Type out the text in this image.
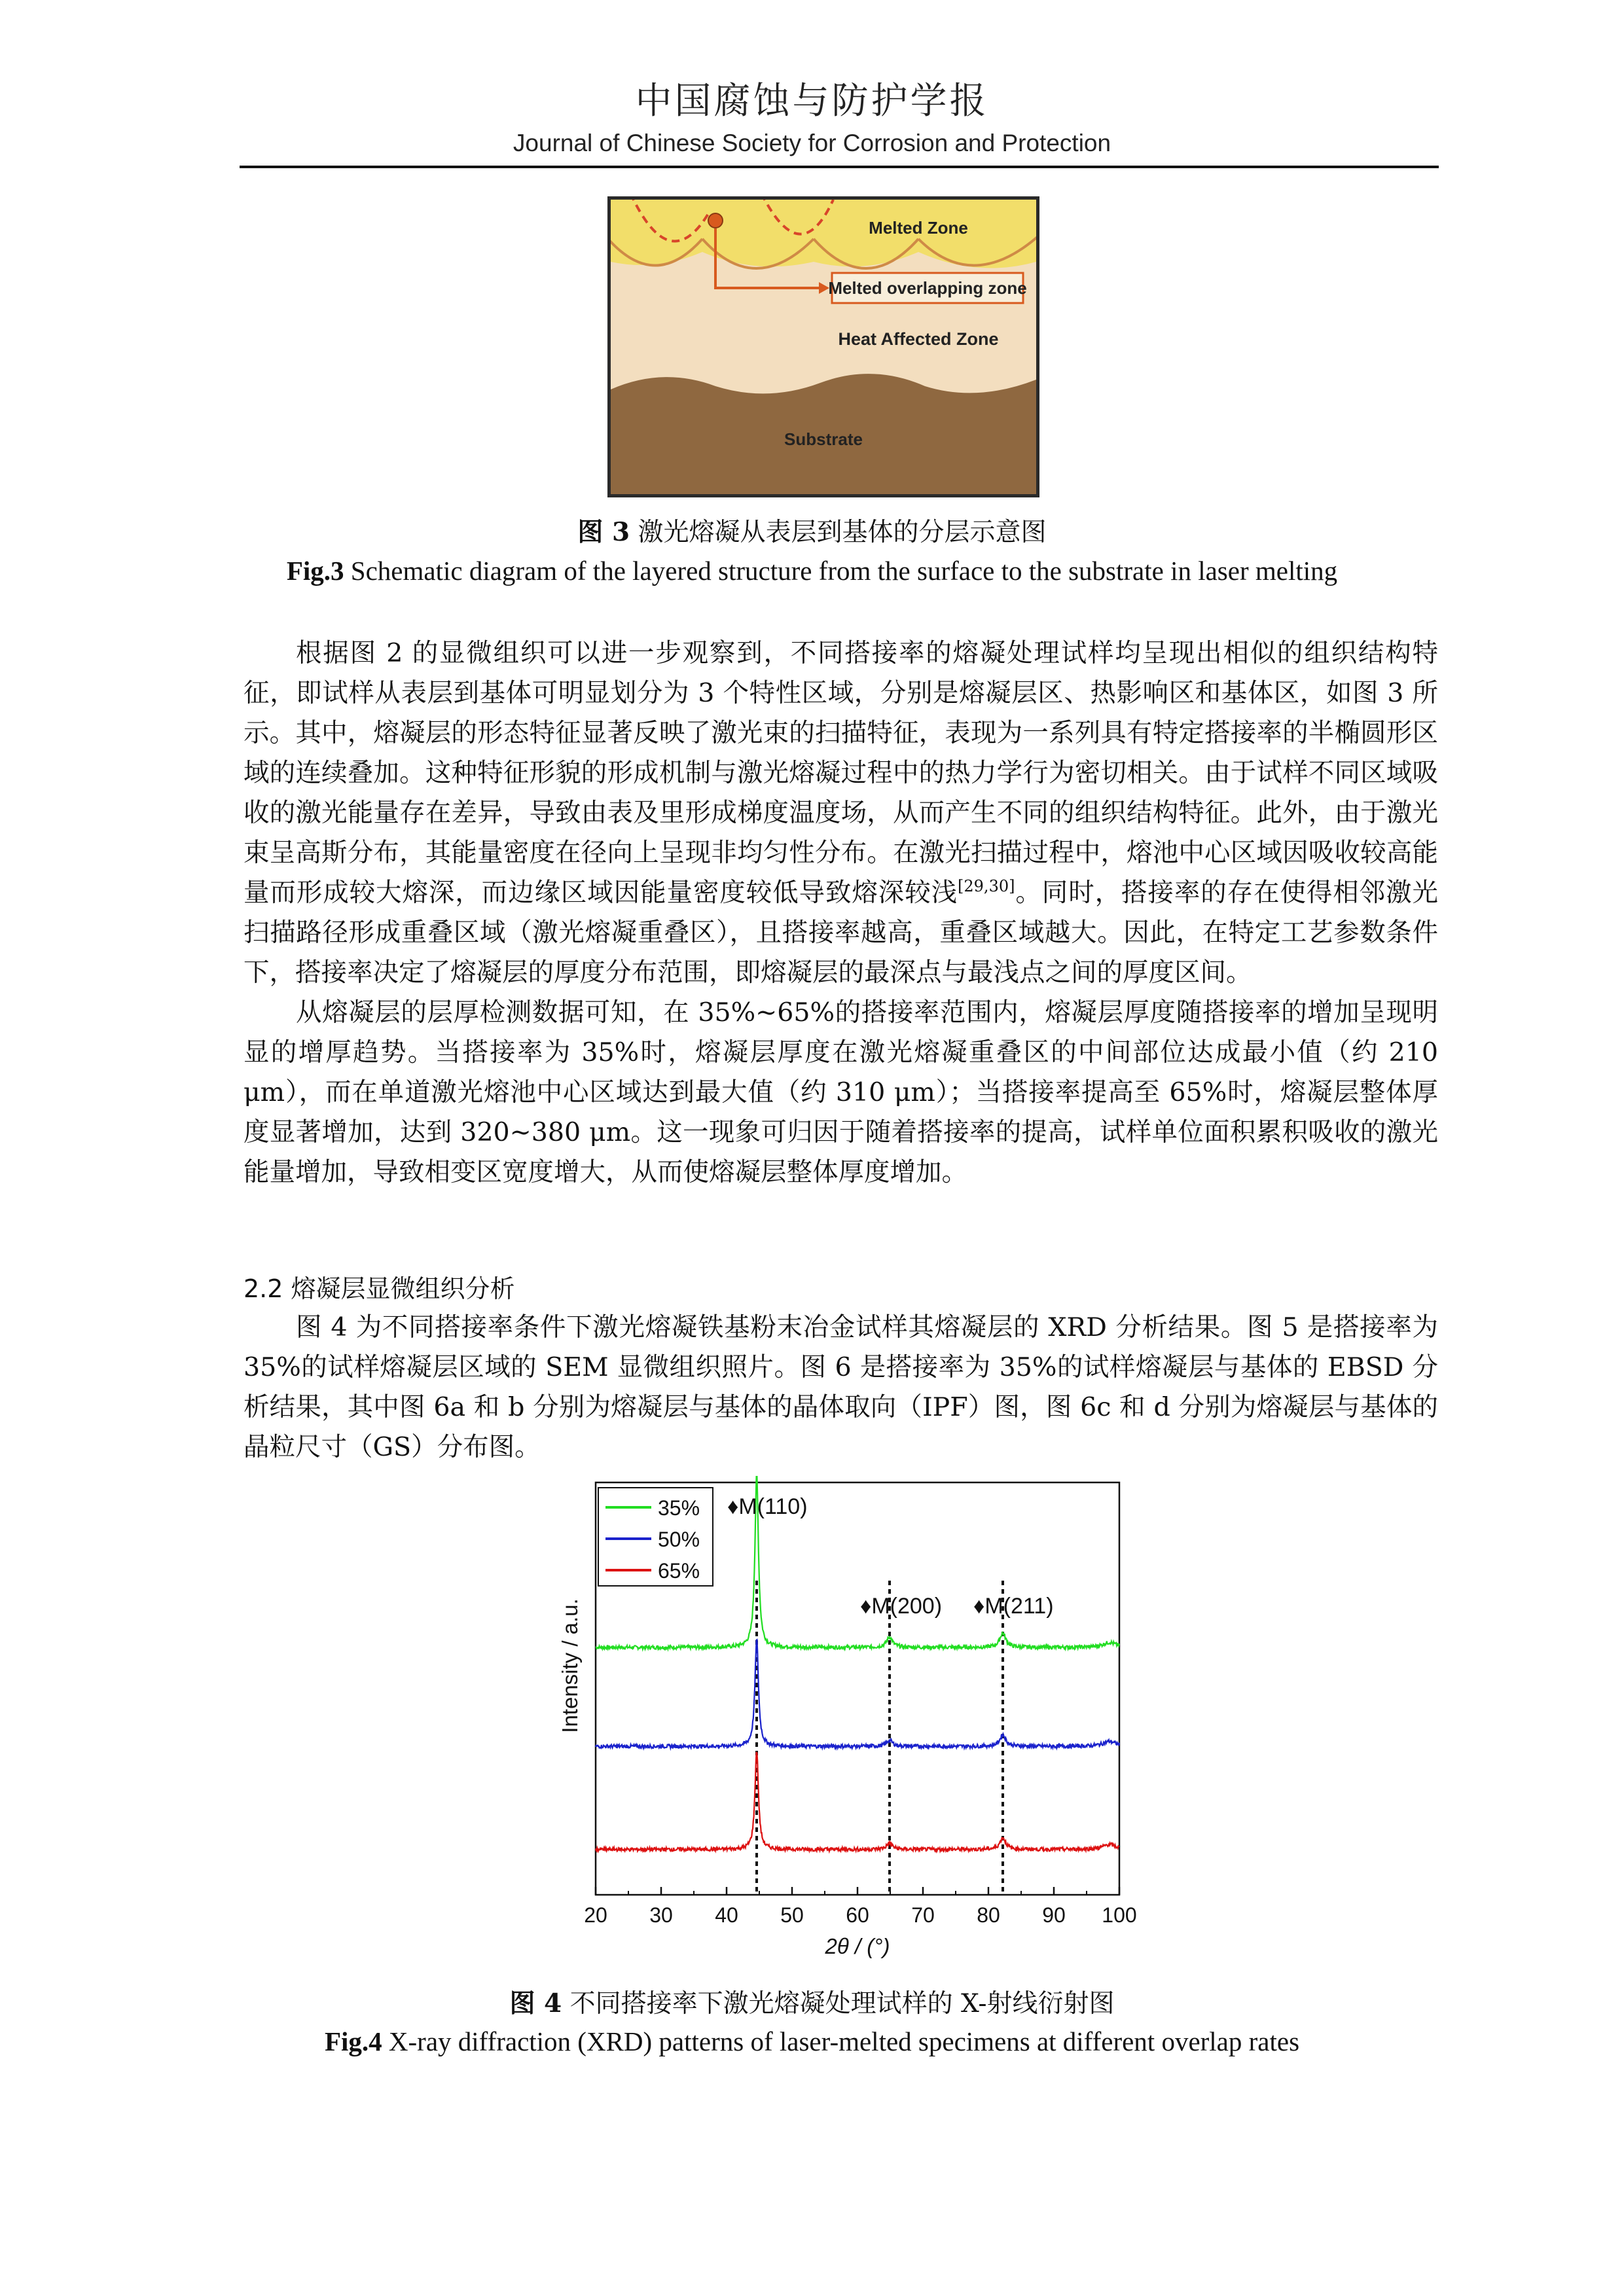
中国腐蚀与防护学报
Journal of Chinese Society for Corrosion and Protection
Melted overlapping zone
Melted Zone
Heat Affected Zone
Substrate
图 3 激光熔凝从表层到基体的分层示意图
Fig.3 Schematic diagram of the layered structure from the surface to the substrate in laser melting

根据图 2 的显微组织可以进一步观察到，不同搭接率的熔凝处理试样均呈现出相似的组织结构特征，即试样从表层到基体可明显划分为 3 个特性区域，分别是熔凝层区、热影响区和基体区，如图 3 所示。其中，熔凝层的形态特征显著反映了激光束的扫描特征，表现为一系列具有特定搭接率的半椭圆形区域的连续叠加。这种特征形貌的形成机制与激光熔凝过程中的热力学行为密切相关。由于试样不同区域吸收的激光能量存在差异，导致由表及里形成梯度温度场，从而产生不同的组织结构特征。此外，由于激光束呈高斯分布，其能量密度在径向上呈现非均匀性分布。在激光扫描过程中，熔池中心区域因吸收较高能量而形成较大熔深，而边缘区域因能量密度较低导致熔深较浅[29,30]。同时，搭接率的存在使得相邻激光扫描路径形成重叠区域（激光熔凝重叠区），且搭接率越高，重叠区域越大。因此，在特定工艺参数条件下，搭接率决定了熔凝层的厚度分布范围，即熔凝层的最深点与最浅点之间的厚度区间。

从熔凝层的层厚检测数据可知，在 35%~65%的搭接率范围内，熔凝层厚度随搭接率的增加呈现明显的增厚趋势。当搭接率为 35%时，熔凝层厚度在激光熔凝重叠区的中间部位达成最小值（约 210 μm），而在单道激光熔池中心区域达到最大值（约 310 μm）；当搭接率提高至 65%时，熔凝层整体厚度显著增加，达到 320~380 μm。这一现象可归因于随着搭接率的提高，试样单位面积累积吸收的激光能量增加，导致相变区宽度增大，从而使熔凝层整体厚度增加。

2.2 熔凝层显微组织分析

图 4 为不同搭接率条件下激光熔凝铁基粉末冶金试样其熔凝层的 XRD 分析结果。图 5 是搭接率为 35%的试样熔凝层区域的 SEM 显微组织照片。图 6 是搭接率为 35%的试样熔凝层与基体的 EBSD 分析结果，其中图 6a 和 b 分别为熔凝层与基体的晶体取向（IPF）图，图 6c 和 d 分别为熔凝层与基体的晶粒尺寸（GS）分布图。

20 30 40 50 60 70 80 90 100
2θ / (°)
Intensity / a.u.
♦M(110)
♦M(200) ♦M(211)
35%
50%
65%
图 4 不同搭接率下激光熔凝处理试样的 X-射线衍射图
Fig.4 X-ray diffraction (XRD) patterns of laser-melted specimens at different overlap rates
